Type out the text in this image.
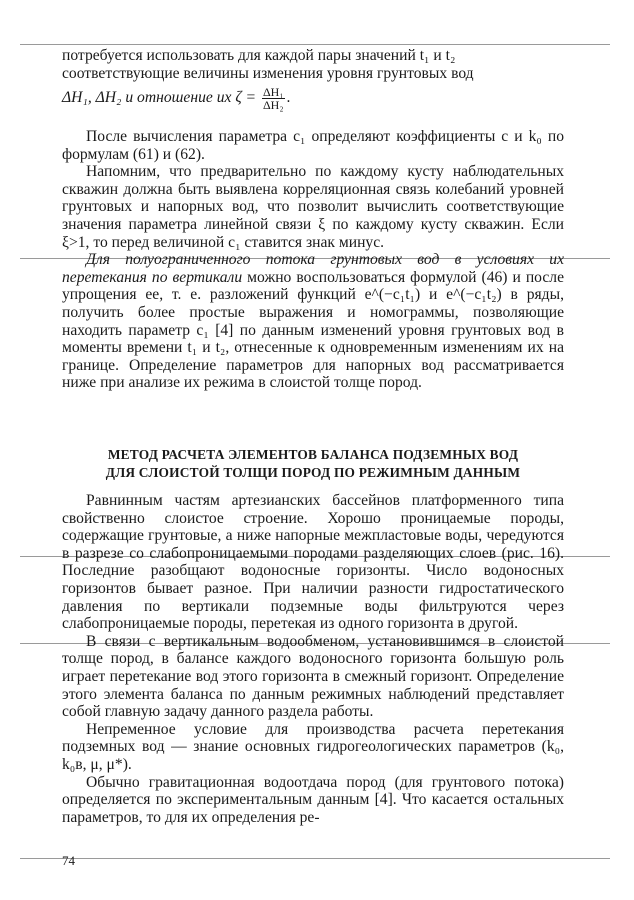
потребуется использовать для каждой пары значений t₁ и t₂

соответствующие величины изменения уровня грунтовых вод

ΔH₁, ΔH₂ и отношение их $\zeta = \frac{\text{ΔH₁}}{\text{ΔH₂}}$ .

После вычисления параметра c₁ определяют коэффициенты c и k₀ по формулам (61) и (62).

Напомним, что предварительно по каждому кусту наблюдательных скважин должна быть выявлена корреляционная связь колебаний уровней грунтовых и напорных вод, что позволит вычислить соответствующие значения параметра линейной связи ξ по каждому кусту скважин. Если ξ>1, то перед величиной c₁ ставится знак минус.

Для полуограниченного потока грунтовых вод в условиях их перетекания по вертикали можно воспользоваться формулой (46) и после упрощения ее, т. е. разложений функций e^(−c₁t₁) и e^(−c₁t₂) в ряды, получить более простые выражения и номограммы, позволяющие находить параметр c₁ [4] по данным изменений уровня грунтовых вод в моменты времени t₁ и t₂, отнесенные к одновременным изменениям их на границе. Определение параметров для напорных вод рассматривается ниже при анализе их режима в слоистой толще пород.

МЕТОД РАСЧЕТА ЭЛЕМЕНТОВ БАЛАНСА ПОДЗЕМНЫХ ВОД
ДЛЯ СЛОИСТОЙ ТОЛЩИ ПОРОД ПО РЕЖИМНЫМ ДАННЫМ

Равнинным частям артезианских бассейнов платформенного типа свойственно слоистое строение. Хорошо проницаемые породы, содержащие грунтовые, а ниже напорные межпластовые воды, чередуются в разрезе со слабопроницаемыми породами разделяющих слоев (рис. 16). Последние разобщают водоносные горизонты. Число водоносных горизонтов бывает разное. При наличии разности гидростатического давления по вертикали подземные воды фильтруются через слабопроницаемые породы, перетекая из одного горизонта в другой.

В связи с вертикальным водообменом, установившимся в слоистой толще пород, в балансе каждого водоносного горизонта большую роль играет перетекание вод этого горизонта в смежный горизонт. Определение этого элемента баланса по данным режимных наблюдений представляет собой главную задачу данного раздела работы.

Непременное условие для производства расчета перетекания подземных вод — знание основных гидрогеологических параметров (k₀, k₀в, μ, μ*).

Обычно гравитационная водоотдача пород (для грунтового потока) определяется по экспериментальным данным [4]. Что касается остальных параметров, то для их определения ре-

74
